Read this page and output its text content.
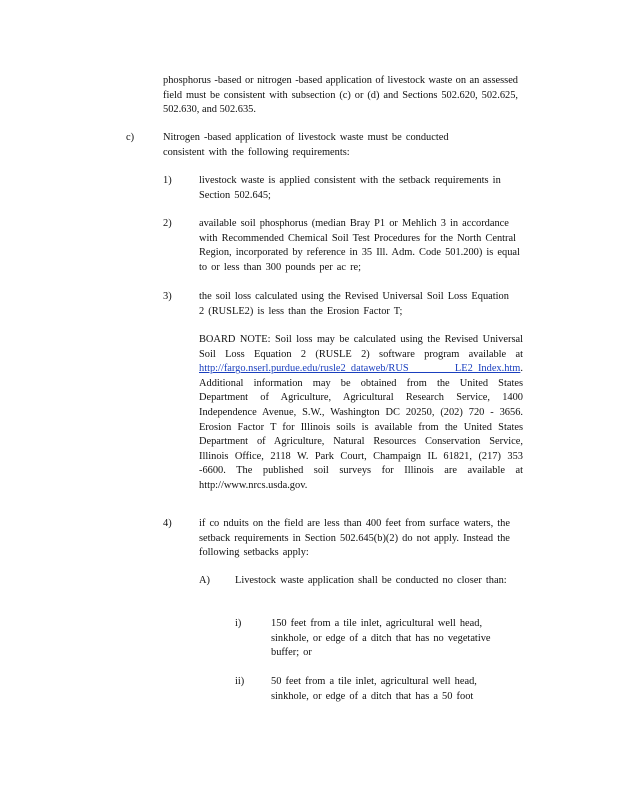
phosphorus -based or nitrogen -based application of livestock waste on an assessed field must be consistent with subsection (c) or (d) and Sections 502.620, 502.625, 502.630, and 502.635.

c)	Nitrogen -based application of livestock waste must be conducted consistent with the following requirements:

1)	livestock waste is applied consistent with the setback requirements in Section 502.645;

2)	available soil phosphorus (median Bray P1 or Mehlich 3 in accordance with Recommended Chemical Soil Test Procedures for the North Central Region, incorporated by reference in 35 Ill. Adm. Code 501.200) is equal to or less than 300 pounds per ac re;

3)	the soil loss calculated using the Revised Universal Soil Loss Equation 2 (RUSLE2) is less than the Erosion Factor T;

BOARD NOTE: Soil loss may be calculated using the Revised Universal Soil Loss Equation 2 (RUSLE 2) software program available at http://fargo.nserl.purdue.edu/rusle2_dataweb/RUS LE2_Index.htm. Additional information may be obtained from the United States Department of Agriculture, Agricultural Research Service, 1400 Independence Avenue, S.W., Washington DC 20250, (202) 720 - 3656. Erosion Factor T for Illinois soils is available from the United States Department of Agriculture, Natural Resources Conservation Service, Illinois Office, 2118 W. Park Court, Champaign IL 61821, (217) 353 -6600. The published soil surveys for Illinois are available at http://www.nrcs.usda.gov.

4)	if co nduits on the field are less than 400 feet from surface waters, the setback requirements in Section 502.645(b)(2) do not apply. Instead the following setbacks apply:

A) Livestock waste application shall be conducted no closer than:

i)	150 feet from a tile inlet, agricultural well head, sinkhole, or edge of a ditch that has no vegetative buffer; or

ii)	50 feet from a tile inlet, agricultural well head, sinkhole, or edge of a ditch that has a 50 foot
